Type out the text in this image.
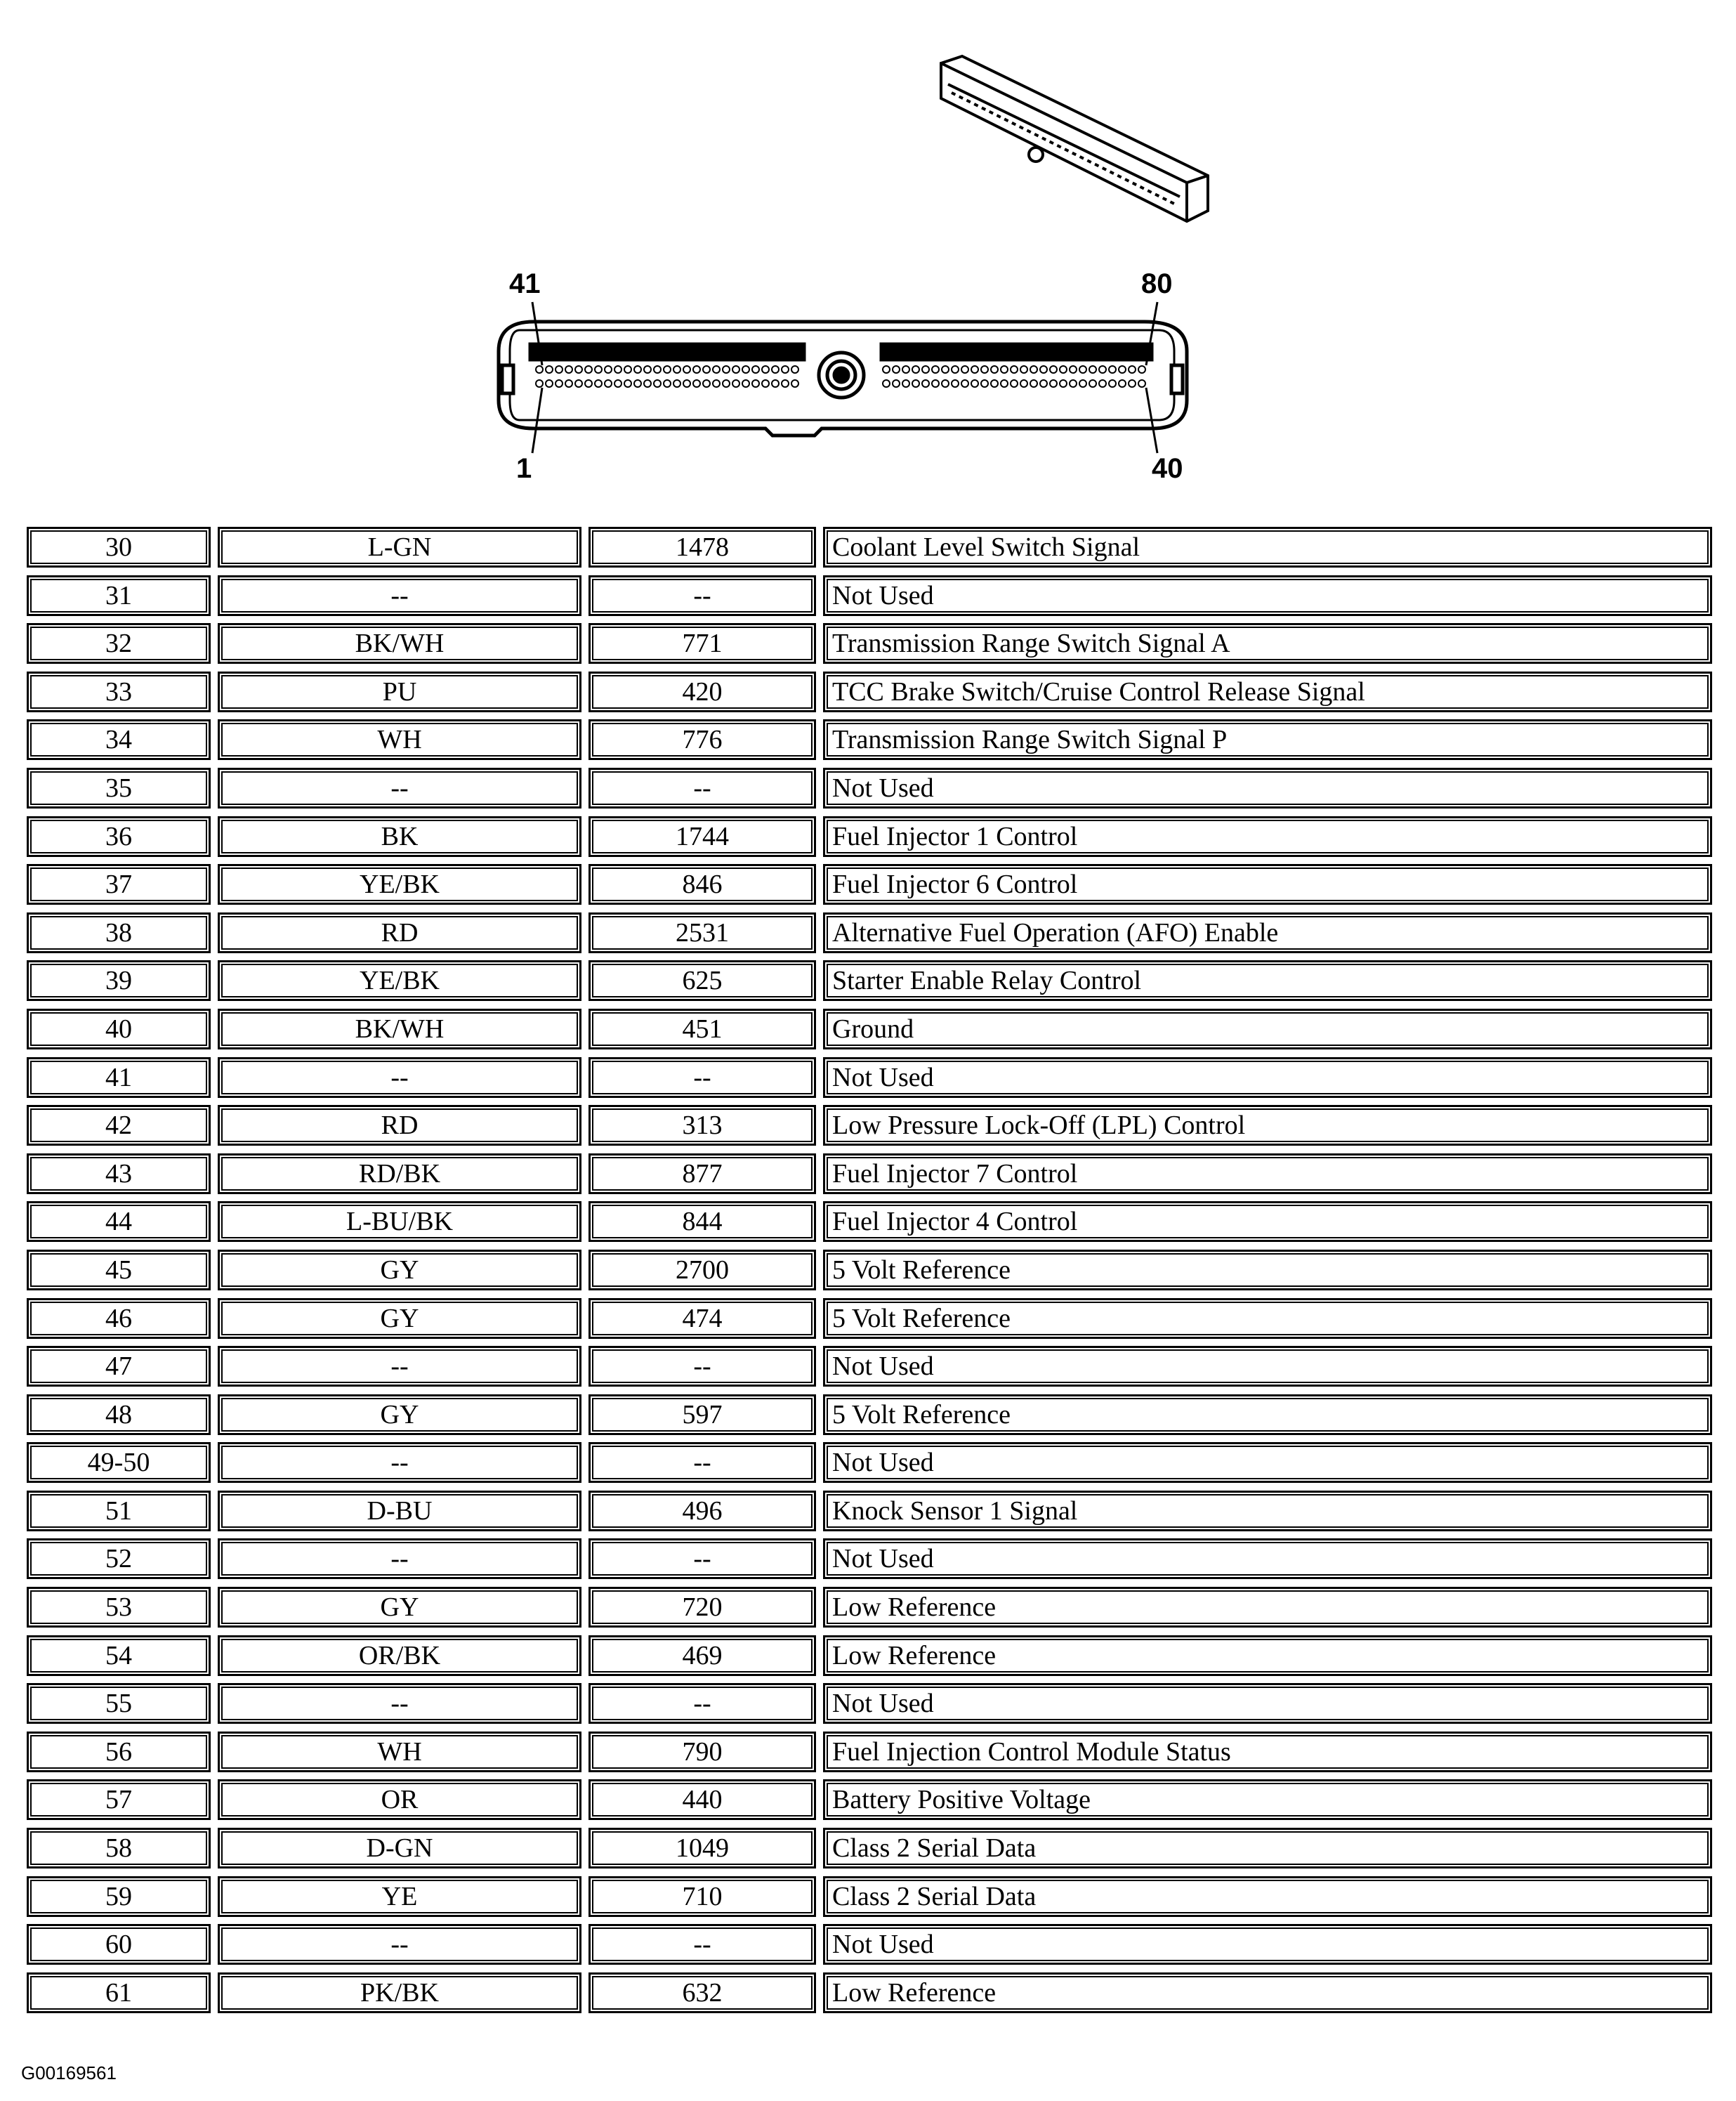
41	80
1	40
30	L-GN	1478	Coolant Level Switch Signal
31	--	--	Not Used
32	BK/WH	771	Transmission Range Switch Signal A
33	PU	420	TCC Brake Switch/Cruise Control Release Signal
34	WH	776	Transmission Range Switch Signal P
35	--	--	Not Used
36	BK	1744	Fuel Injector 1 Control
37	YE/BK	846	Fuel Injector 6 Control
38	RD	2531	Alternative Fuel Operation (AFO) Enable
39	YE/BK	625	Starter Enable Relay Control
40	BK/WH	451	Ground
41	--	--	Not Used
42	RD	313	Low Pressure Lock-Off (LPL) Control
43	RD/BK	877	Fuel Injector 7 Control
44	L-BU/BK	844	Fuel Injector 4 Control
45	GY	2700	5 Volt Reference
46	GY	474	5 Volt Reference
47	--	--	Not Used
48	GY	597	5 Volt Reference
49-50	--	--	Not Used
51	D-BU	496	Knock Sensor 1 Signal
52	--	--	Not Used
53	GY	720	Low Reference
54	OR/BK	469	Low Reference
55	--	--	Not Used
56	WH	790	Fuel Injection Control Module Status
57	OR	440	Battery Positive Voltage
58	D-GN	1049	Class 2 Serial Data
59	YE	710	Class 2 Serial Data
60	--	--	Not Used
61	PK/BK	632	Low Reference
G00169561
